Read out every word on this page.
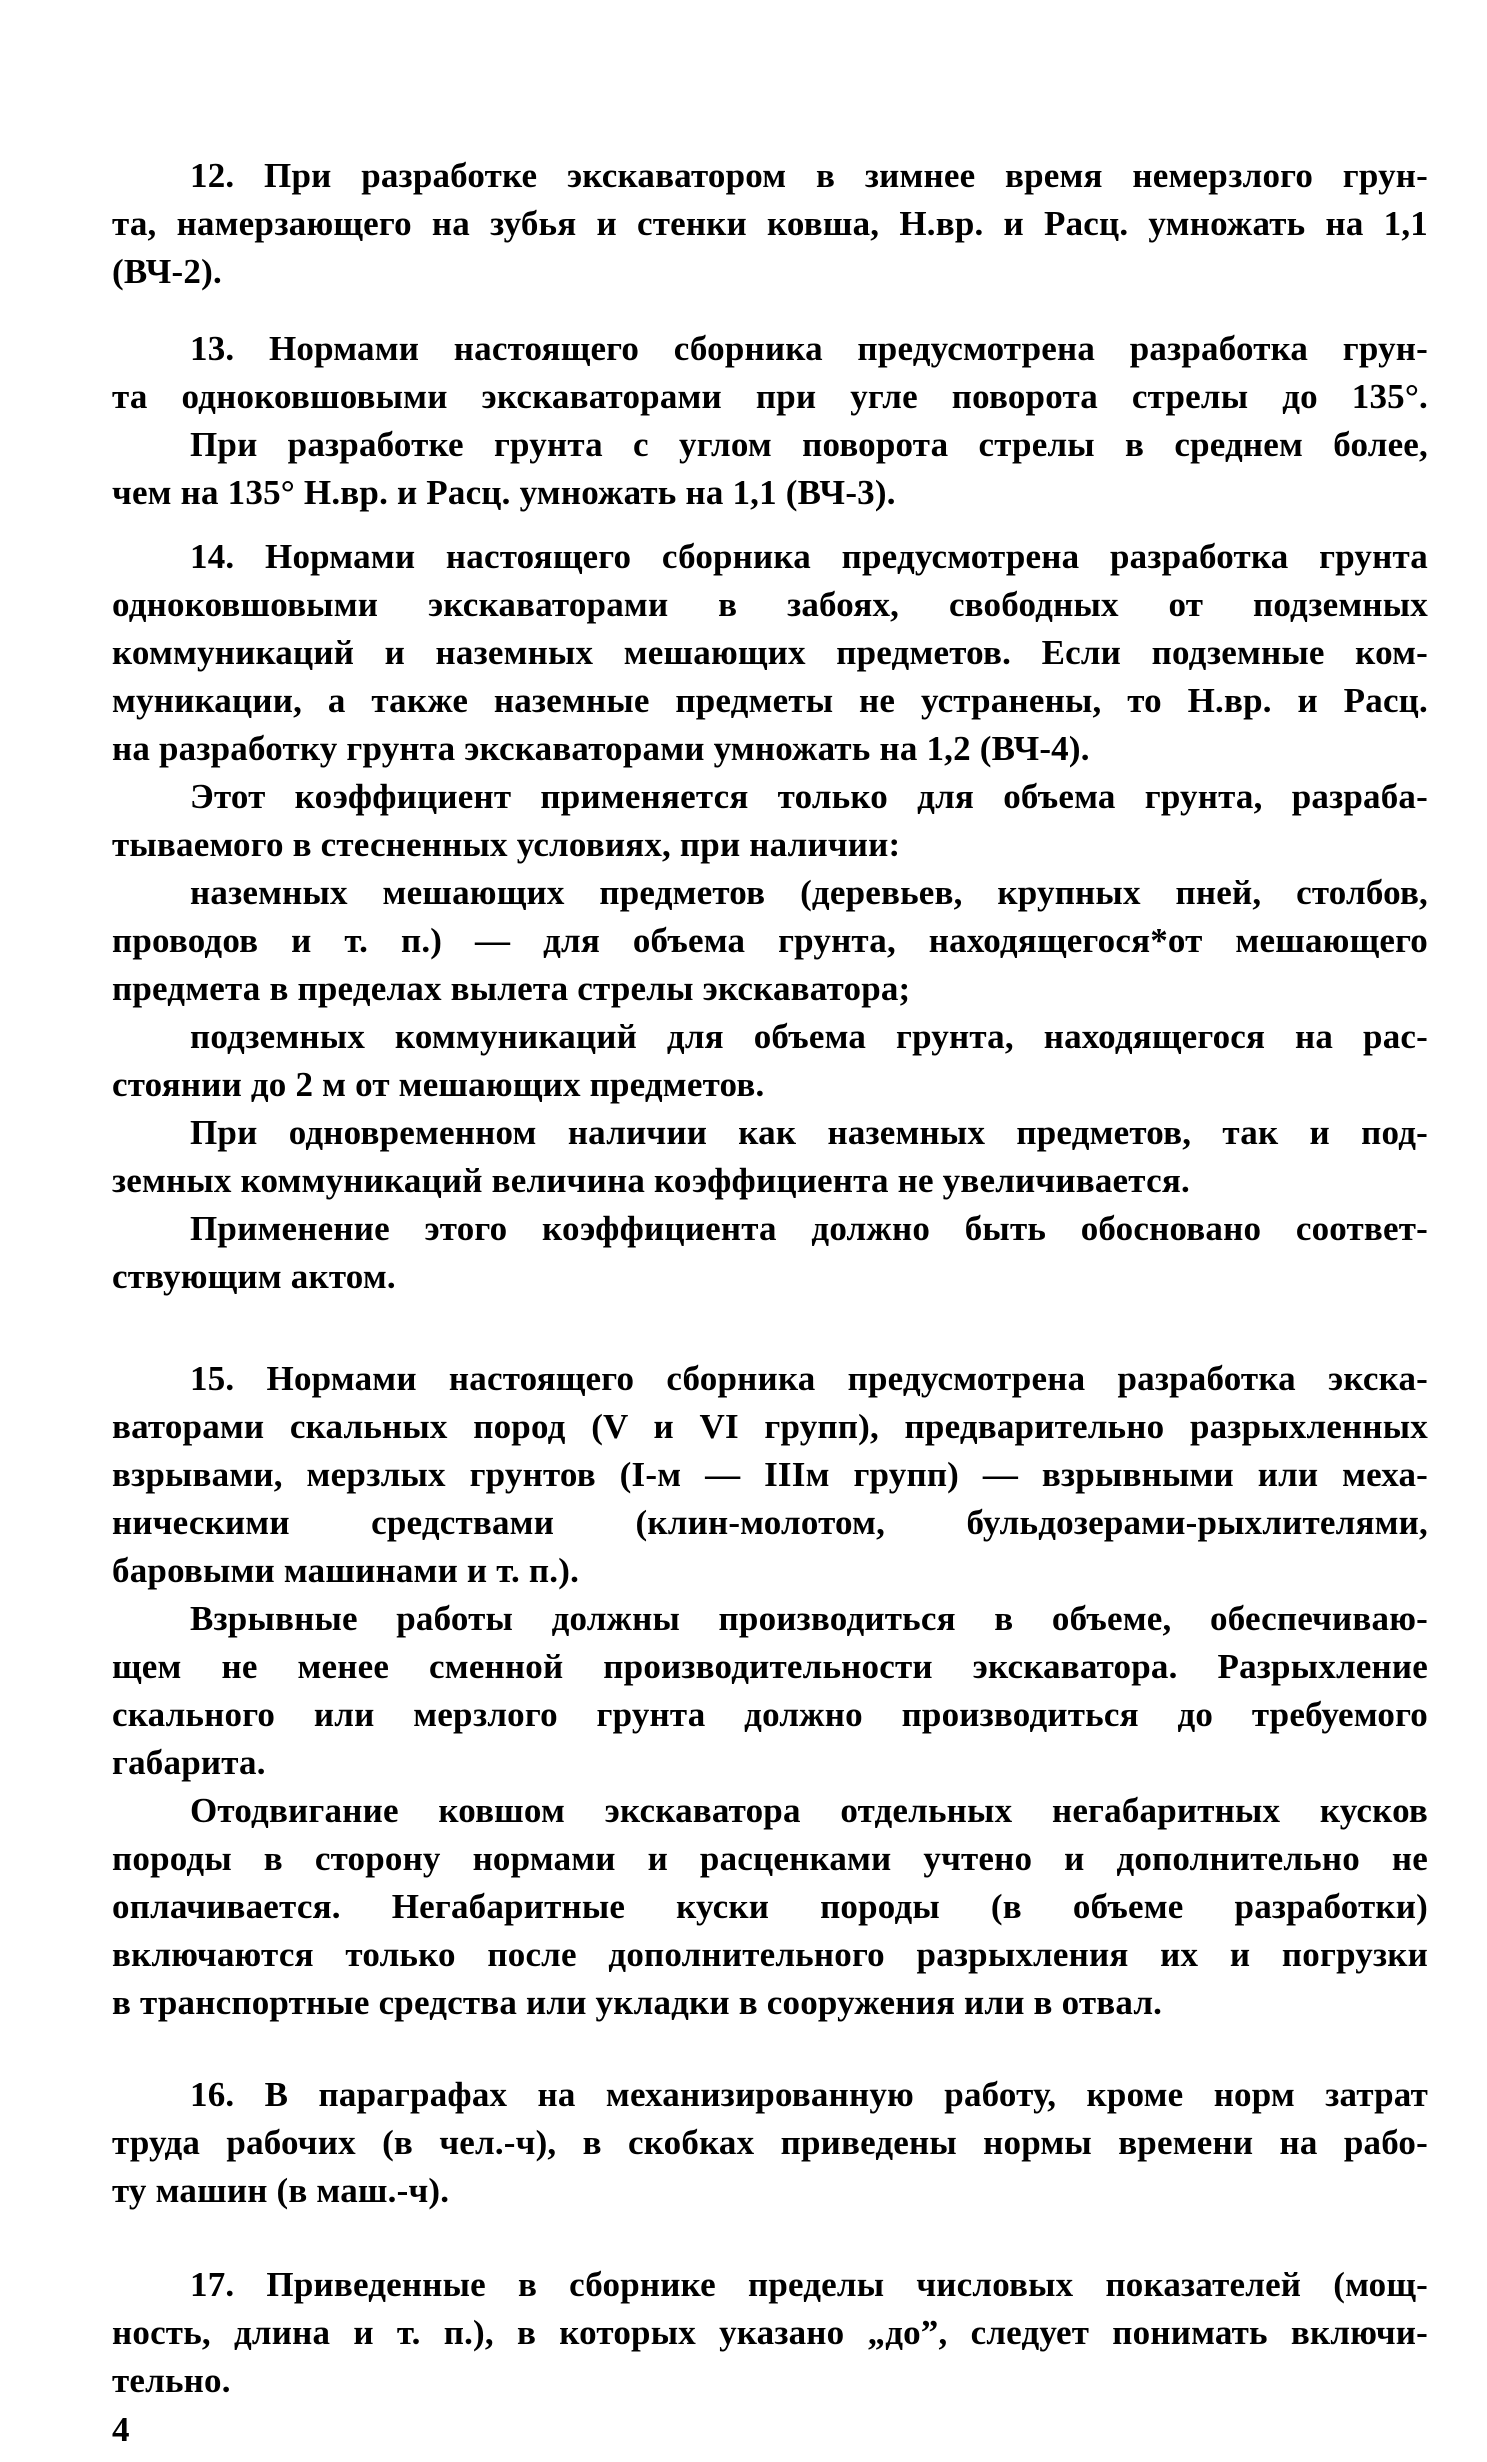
12. При разработке экскаватором в зимнее время немерзлого грун-
та, намерзающего на зубья и стенки ковша, Н.вр. и Расц. умножать на 1,1
(ВЧ-2).
13. Нормами настоящего сборника предусмотрена разработка грун-
та одноковшовыми экскаваторами при угле поворота стрелы до 135°.
При разработке грунта с углом поворота стрелы в среднем более,
чем на 135° Н.вр. и Расц. умножать на 1,1 (ВЧ-3).
14. Нормами настоящего сборника предусмотрена разработка грунта
одноковшовыми экскаваторами в забоях, свободных от подземных
коммуникаций и наземных мешающих предметов. Если подземные ком-
муникации, а также наземные предметы не устранены, то Н.вр. и Расц.
на разработку грунта экскаваторами умножать на 1,2 (ВЧ-4).
Этот коэффициент применяется только для объема грунта, разраба-
тываемого в стесненных условиях, при наличии:
наземных мешающих предметов (деревьев, крупных пней, столбов,
проводов и т. п.) — для объема грунта, находящегося*от мешающего
предмета в пределах вылета стрелы экскаватора;
подземных коммуникаций для объема грунта, находящегося на рас-
стоянии до 2 м от мешающих предметов.
При одновременном наличии как наземных предметов, так и под-
земных коммуникаций величина коэффициента не увеличивается.
Применение этого коэффициента должно быть обосновано соответ-
ствующим актом.
15. Нормами настоящего сборника предусмотрена разработка экска-
ваторами скальных пород (V и VI групп), предварительно разрыхленных
взрывами, мерзлых грунтов (I-м — IIIм групп) — взрывными или меха-
ническими средствами (клин-молотом, бульдозерами-рыхлителями,
баровыми машинами и т. п.).
Взрывные работы должны производиться в объеме, обеспечиваю-
щем не менее сменной производительности экскаватора. Разрыхление
скального или мерзлого грунта должно производиться до требуемого
габарита.
Отодвигание ковшом экскаватора отдельных негабаритных кусков
породы в сторону нормами и расценками учтено и дополнительно не
оплачивается. Негабаритные куски породы (в объеме разработки)
включаются только после дополнительного разрыхления их и погрузки
в транспортные средства или укладки в сооружения или в отвал.
16. В параграфах на механизированную работу, кроме норм затрат
труда рабочих (в чел.-ч), в скобках приведены нормы времени на рабо-
ту машин (в маш.-ч).
17. Приведенные в сборнике пределы числовых показателей (мощ-
ность, длина и т. п.), в которых указано „до”, следует понимать включи-
тельно.
4
